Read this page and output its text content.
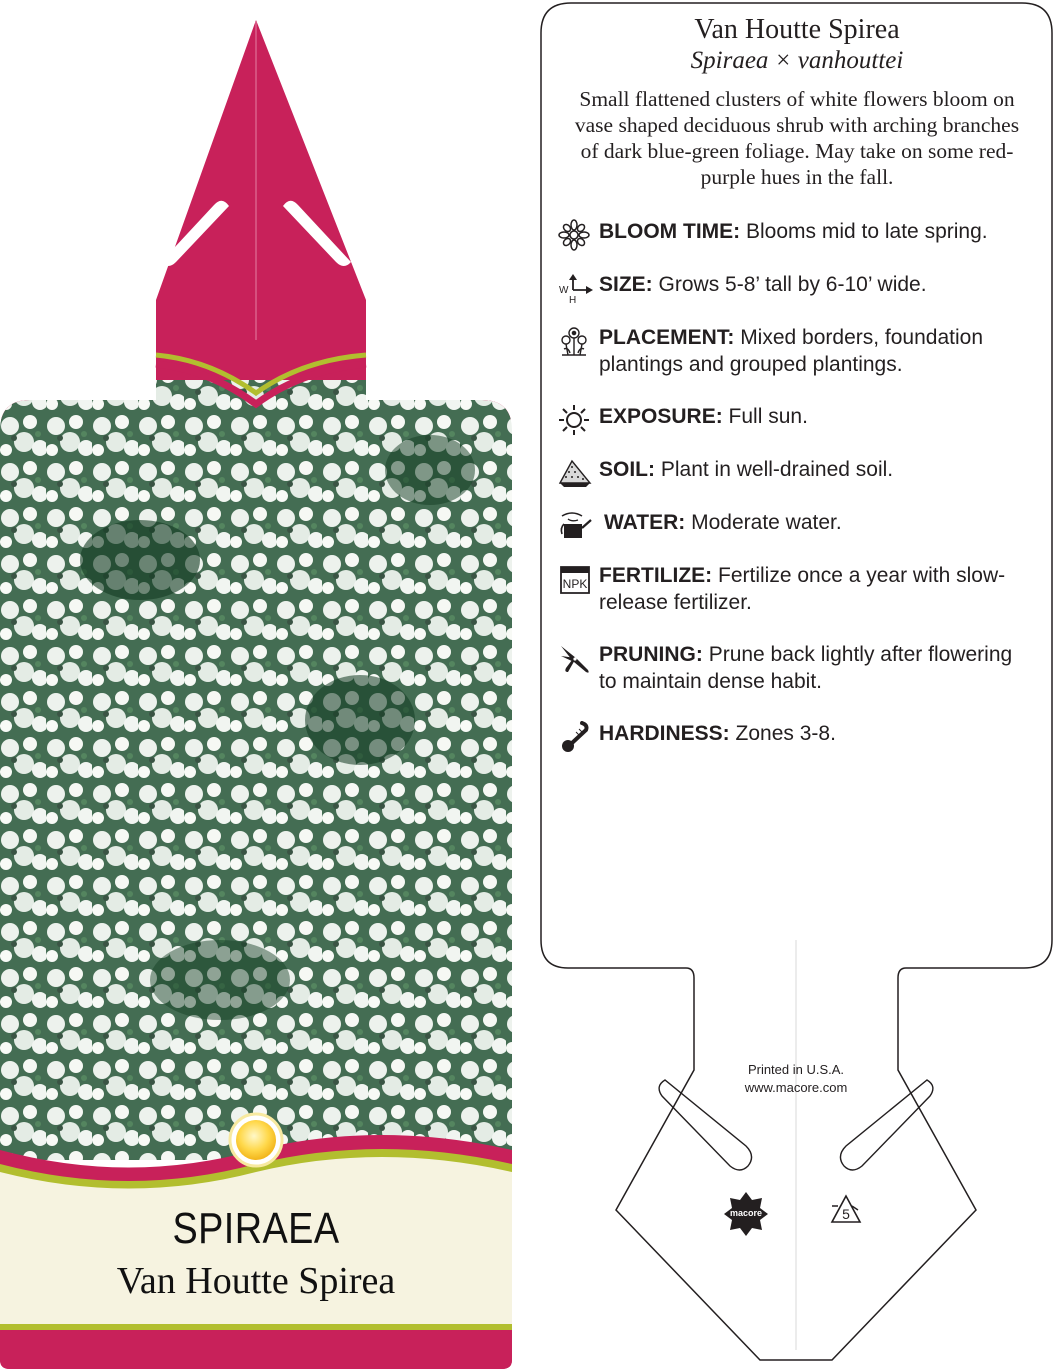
SPIRAEA
Van Houtte Spirea
macore	5
Van Houtte Spirea
Spiraea × vanhouttei
Small flattened clusters of white flowers bloom on vase shaped deciduous shrub with arching branches of dark blue-green foliage. May take on some red-purple hues in the fall.
BLOOM TIME: Blooms mid to late spring.
W
H
SIZE: Grows 5-8’ tall by 6-10’ wide.
PLACEMENT: Mixed borders, foundation plantings and grouped plantings.
EXPOSURE: Full sun.
SOIL: Plant in well-drained soil.
WATER: Moderate water.
NPK FERTILIZE: Fertilize once a year with slow-release fertilizer.
PRUNING: Prune back lightly after flowering to maintain dense habit.
HARDINESS: Zones 3-8.
Printed in U.S.A.
www.macore.com
